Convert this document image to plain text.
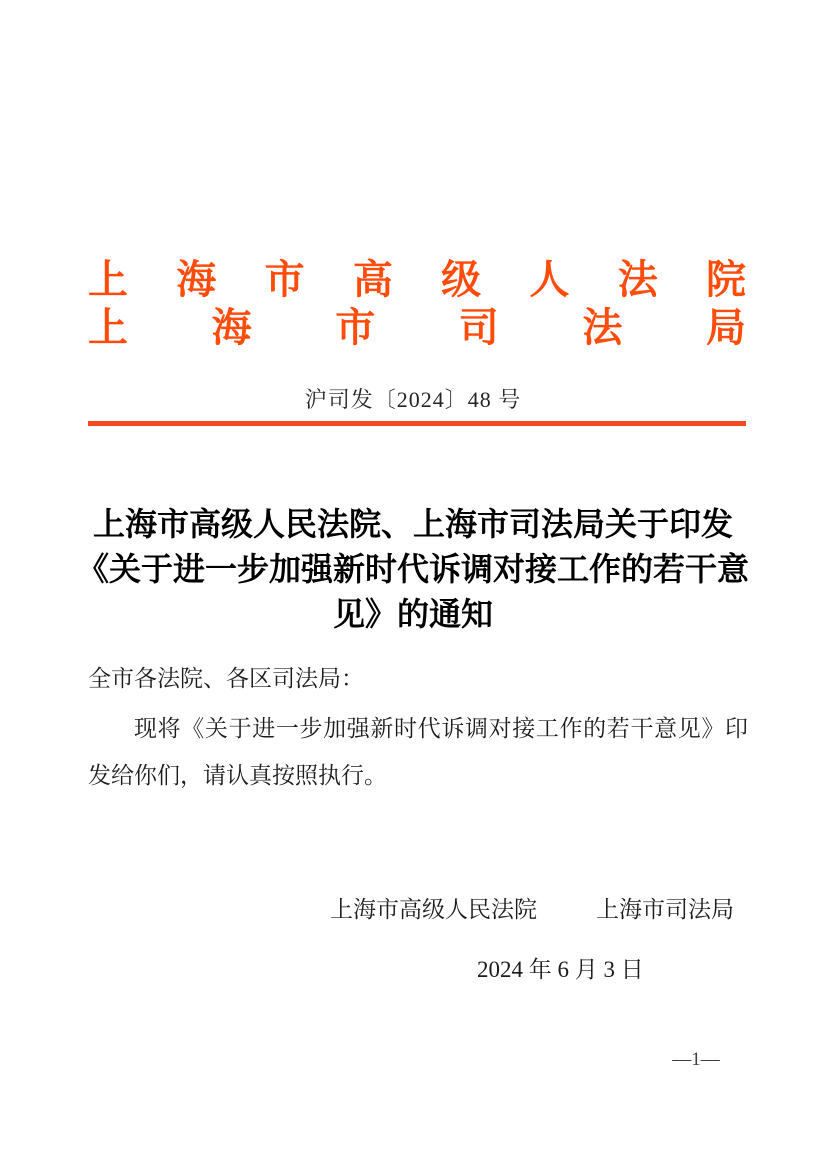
上 海 市 高 级 人 法 院
上 海 市 司 法 局
沪司发〔2024〕48 号
上海市高级人民法院、上海市司法局关于印发
《关于进一步加强新时代诉调对接工作的若干意
见》的通知
全市各法院、各区司法局：
现将《关于进一步加强新时代诉调对接工作的若干意见》印发给你们，请认真按照执行。
上海市高级人民法院	上海市司法局
2024 年 6 月 3 日
—1—
